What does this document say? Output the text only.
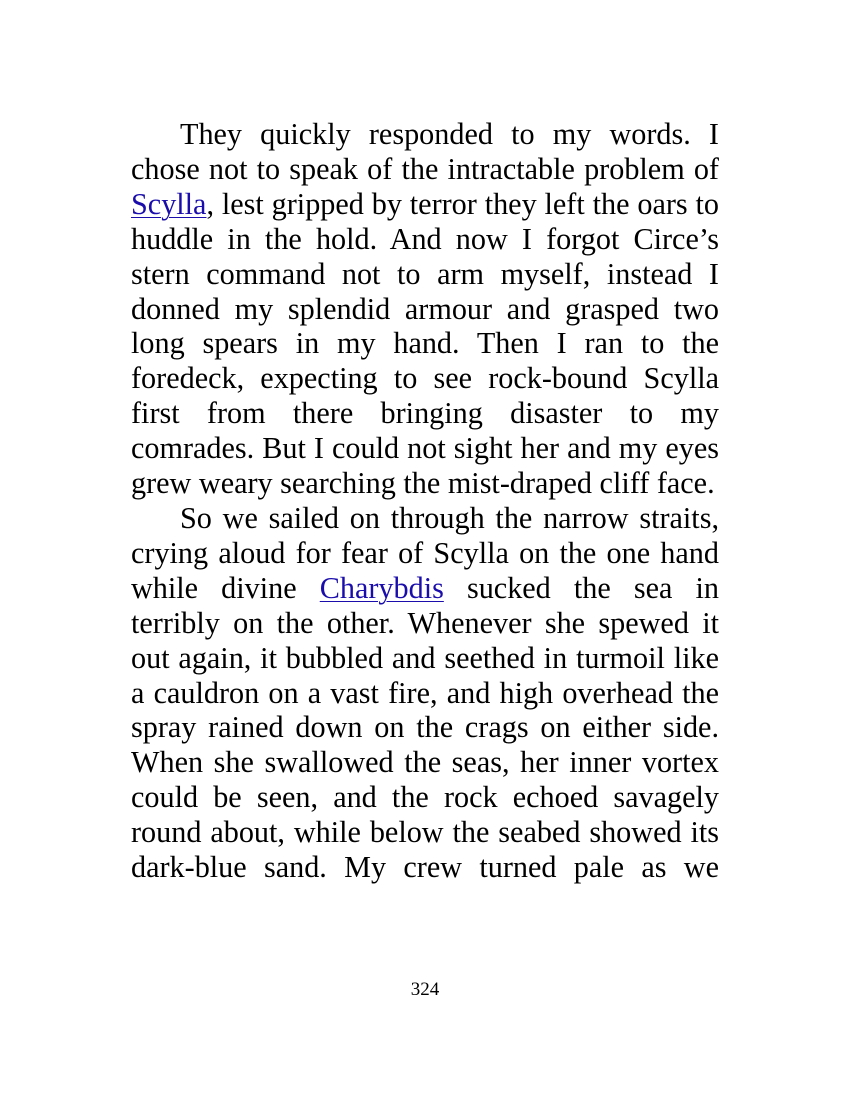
They quickly responded to my words. I chose not to speak of the intractable problem of Scylla, lest gripped by terror they left the oars to huddle in the hold. And now I forgot Circe’s stern command not to arm myself, instead I donned my splendid armour and grasped two long spears in my hand. Then I ran to the foredeck, expecting to see rock-bound Scylla first from there bringing disaster to my comrades. But I could not sight her and my eyes grew weary searching the mist-draped cliff face.

So we sailed on through the narrow straits, crying aloud for fear of Scylla on the one hand while divine Charybdis sucked the sea in terribly on the other. Whenever she spewed it out again, it bubbled and seethed in turmoil like a cauldron on a vast fire, and high overhead the spray rained down on the crags on either side. When she swallowed the seas, her inner vortex could be seen, and the rock echoed savagely round about, while below the seabed showed its dark-blue sand. My crew turned pale as we

324
